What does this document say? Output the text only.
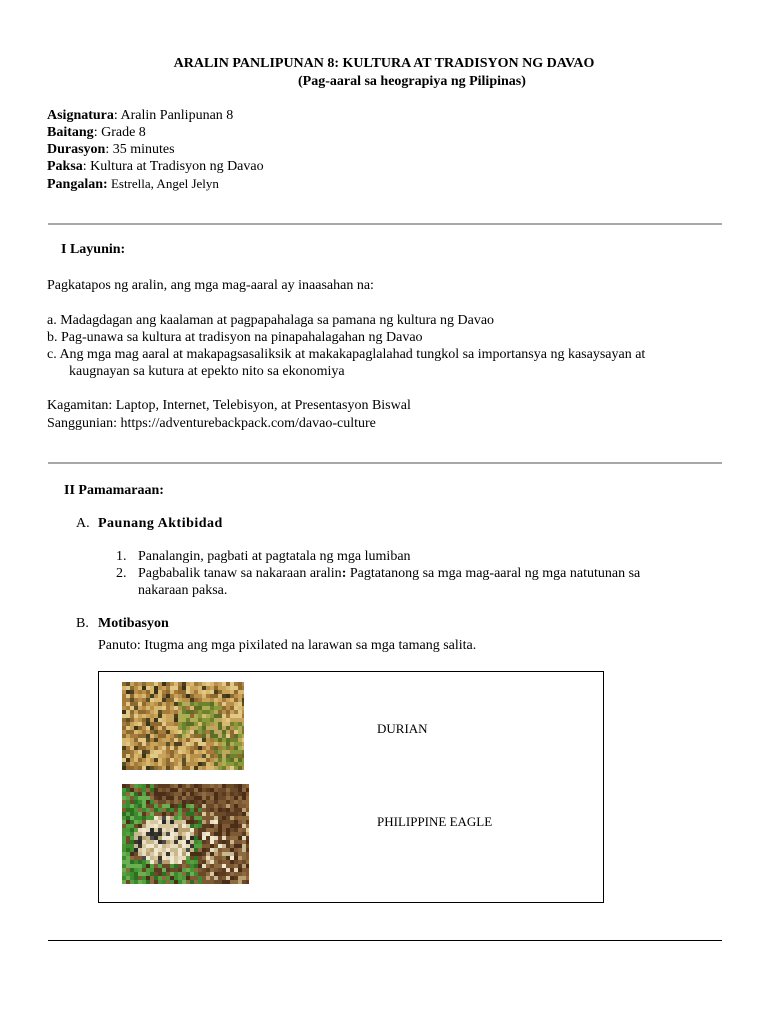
ARALIN PANLIPUNAN 8: KULTURA AT TRADISYON NG DAVAO
(Pag-aaral sa heograpiya ng Pilipinas)
Asignatura: Aralin Panlipunan 8
Baitang: Grade 8
Durasyon: 35 minutes
Paksa: Kultura at Tradisyon ng Davao
Pangalan: Estrella, Angel Jelyn
I Layunin:
Pagkatapos ng aralin, ang mga mag-aaral ay inaasahan na:
a. Madagdagan ang kaalaman at pagpapahalaga sa pamana ng kultura ng Davao
b. Pag-unawa sa kultura at tradisyon na pinapahalagahan ng Davao
c. Ang mga mag aaral at makapagsasaliksik at makakapaglalahad tungkol sa importansya ng kasaysayan at
kaugnayan sa kutura at epekto nito sa ekonomiya
Kagamitan: Laptop, Internet, Telebisyon, at Presentasyon Biswal
Sanggunian: https://adventurebackpack.com/davao-culture
II Pamamaraan:
A. Paunang Aktibidad
1. Panalangin, pagbati at pagtatala ng mga lumiban
2. Pagbabalik tanaw sa nakaraan aralin: Pagtatanong sa mga mag-aaral ng mga natutunan sa
nakaraan paksa.
B. Motibasyon
Panuto: Itugma ang mga pixilated na larawan sa mga tamang salita.
DURIAN
PHILIPPINE EAGLE
